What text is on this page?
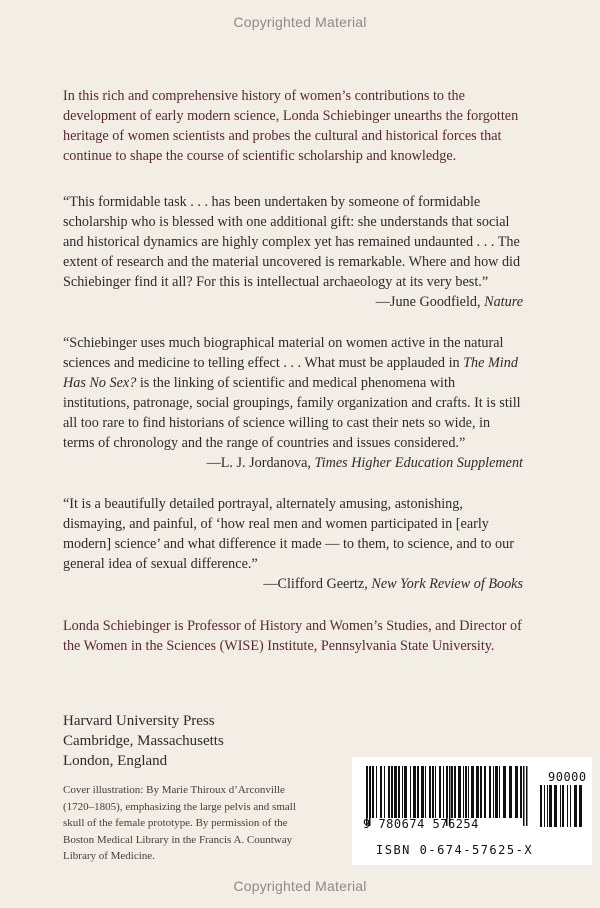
Copyrighted Material

In this rich and comprehensive history of women’s contributions to the development of early modern science, Londa Schiebinger unearths the forgotten heritage of women scientists and probes the cultural and historical forces that continue to shape the course of scientific scholarship and knowledge.

“This formidable task . . . has been undertaken by someone of formidable scholarship who is blessed with one additional gift: she understands that social and historical dynamics are highly complex yet has remained undaunted . . . The extent of research and the material uncovered is remarkable. Where and how did Schiebinger find it all? For this is intellectual archaeology at its very best.”

—June Goodfield, Nature

“Schiebinger uses much biographical material on women active in the natural sciences and medicine to telling effect . . . What must be applauded in The Mind Has No Sex? is the linking of scientific and medical phenomena with institutions, patronage, social groupings, family organization and crafts. It is still all too rare to find historians of science willing to cast their nets so wide, in terms of chronology and the range of countries and issues considered.”

—L. J. Jordanova, Times Higher Education Supplement

“It is a beautifully detailed portrayal, alternately amusing, astonishing, dismaying, and painful, of ‘how real men and women participated in [early modern] science’ and what difference it made — to them, to science, and to our general idea of sexual difference.”

—Clifford Geertz, New York Review of Books

Londa Schiebinger is Professor of History and Women’s Studies, and Director of the Women in the Sciences (WISE) Institute, Pennsylvania State University.

Harvard University Press
Cambridge, Massachusetts
London, England
Cover illustration: By Marie Thiroux d’Arconville (1720–1805), emphasizing the large pelvis and small skull of the female prototype. By permission of the Boston Medical Library in the Francis A. Countway Library of Medicine.
90000
9 780674 576254
ISBN 0-674-57625-X
Copyrighted Material
